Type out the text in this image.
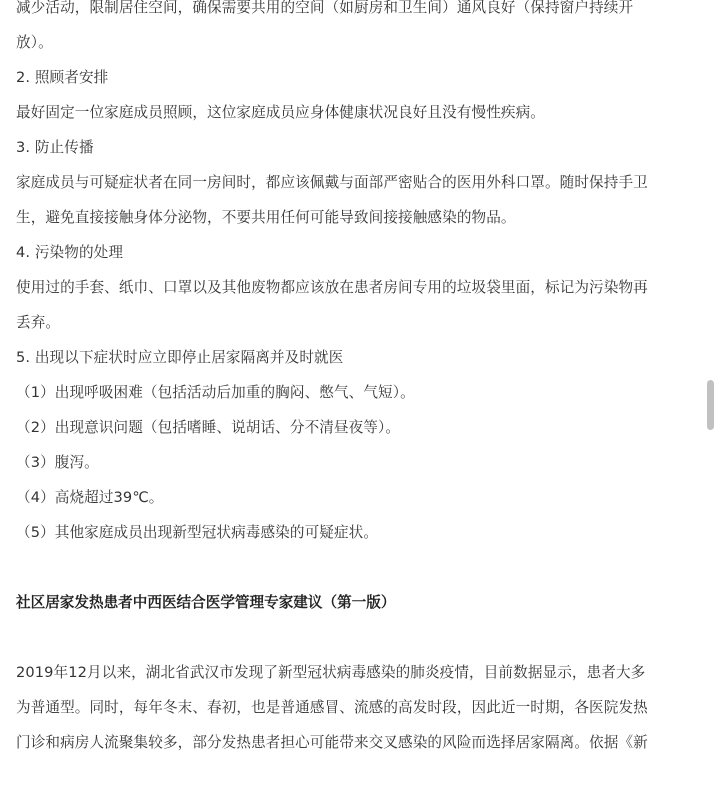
减少活动，限制居住空间，确保需要共用的空间（如厨房和卫生间）通风良好（保持窗户持续开
放）。

2. 照顾者安排

最好固定一位家庭成员照顾，这位家庭成员应身体健康状况良好且没有慢性疾病。

3. 防止传播

家庭成员与可疑症状者在同一房间时，都应该佩戴与面部严密贴合的医用外科口罩。随时保持手卫
生，避免直接接触身体分泌物，不要共用任何可能导致间接接触感染的物品。

4. 污染物的处理

使用过的手套、纸巾、口罩以及其他废物都应该放在患者房间专用的垃圾袋里面，标记为污染物再
丢弃。

5. 出现以下症状时应立即停止居家隔离并及时就医

（1）出现呼吸困难（包括活动后加重的胸闷、憋气、气短）。

（2）出现意识问题（包括嗜睡、说胡话、分不清昼夜等）。

（3）腹泻。

（4）高烧超过39℃。

（5）其他家庭成员出现新型冠状病毒感染的可疑症状。

社区居家发热患者中西医结合医学管理专家建议（第一版）

2019年12月以来，湖北省武汉市发现了新型冠状病毒感染的肺炎疫情，目前数据显示，患者大多
为普通型。同时，每年冬末、春初，也是普通感冒、流感的高发时段，因此近一时期，各医院发热
门诊和病房人流聚集较多，部分发热患者担心可能带来交叉感染的风险而选择居家隔离。依据《新
